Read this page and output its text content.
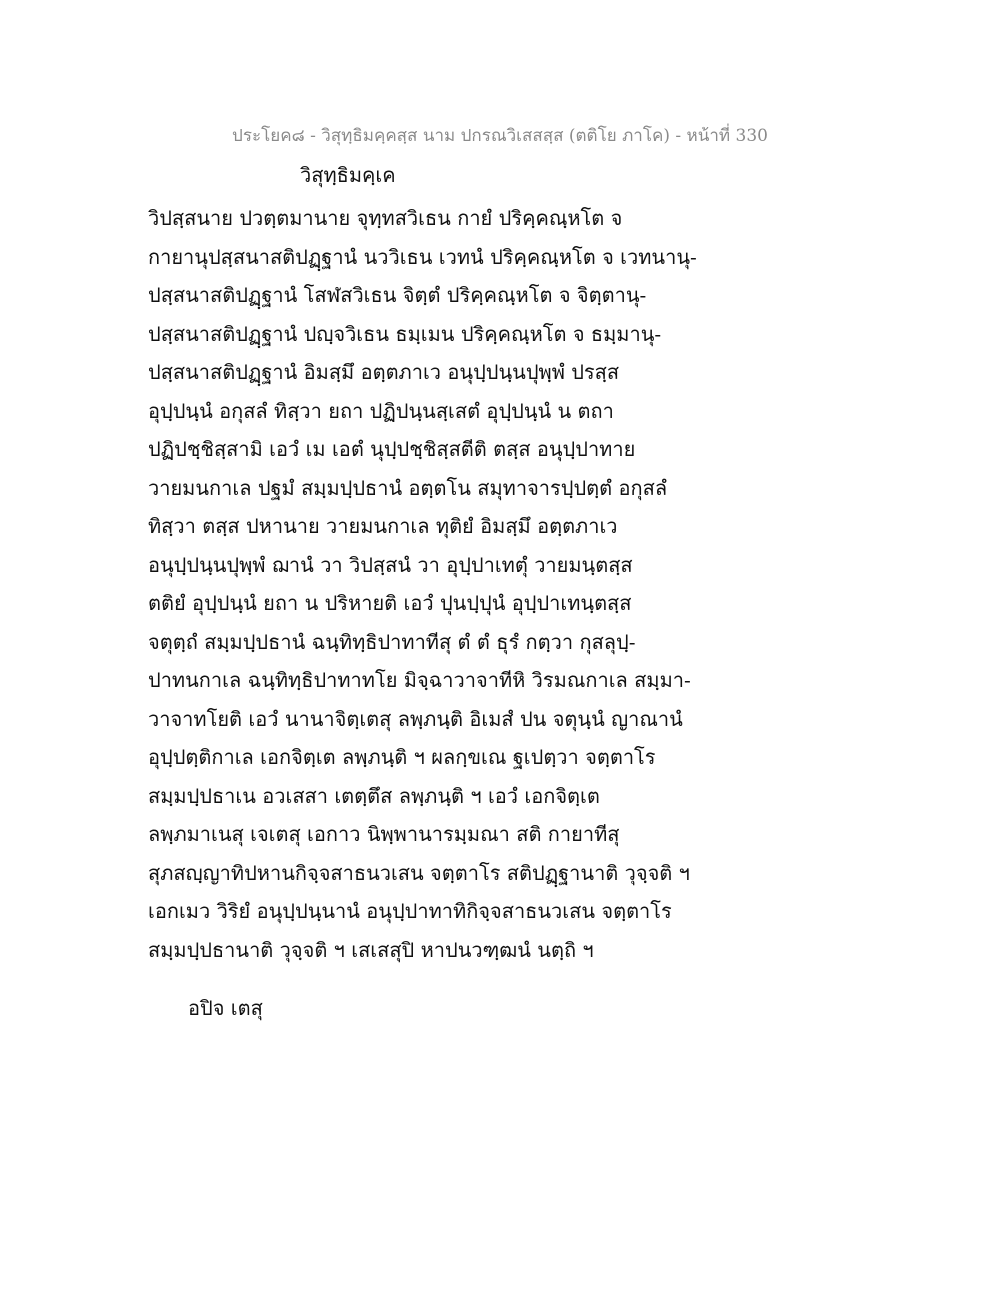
ประโยค๘ - วิสุทฺธิมคฺคสฺส นาม ปกรณวิเสสสฺส (ตติโย ภาโค) - หน้าที่ 330
วิสุทฺธิมคฺเค
วิปสฺสนาย ปวตฺตมานาย จุทฺทสวิเธน กายํ ปริคฺคณฺหโต จ
กายานุปสฺสนาสติปฏฺฐานํ นววิเธน เวทนํ ปริคฺคณฺหโต จ เวทนานุ-
ปสฺสนาสติปฏฺฐานํ โสฬสวิเธน จิตฺตํ ปริคฺคณฺหโต จ จิตฺตานุ-
ปสฺสนาสติปฏฺฐานํ ปญฺจวิเธน ธมฺเมน ปริคฺคณฺหโต จ ธมฺมานุ-
ปสฺสนาสติปฏฺฐานํ อิมสฺมึ อตฺตภาเว อนุปฺปนฺนปุพฺพํ ปรสฺส
อุปฺปนฺนํ อกุสลํ ทิสฺวา ยถา ปฏิปนฺนสฺเสตํ อุปฺปนฺนํ น ตถา
ปฏิปชฺชิสฺสามิ เอวํ เม เอตํ นุปฺปชฺชิสฺสตีติ ตสฺส อนุปฺปาทาย
วายมนกาเล ปฐมํ สมฺมปฺปธานํ อตฺตโน สมุทาจารปฺปตฺตํ อกุสลํ
ทิสฺวา ตสฺส ปหานาย วายมนกาเล ทุติยํ อิมสฺมึ อตฺตภาเว
อนุปฺปนฺนปุพฺพํ ฌานํ วา วิปสฺสนํ วา อุปฺปาเทตุํ วายมนฺตสฺส
ตติยํ อุปฺปนฺนํ ยถา น ปริหายติ เอวํ ปุนปฺปุนํ อุปฺปาเทนฺตสฺส
จตุตฺถํ สมฺมปฺปธานํ ฉนฺทิทฺธิปาทาทีสุ ตํ ตํ ธุรํ กตฺวา กุสลุปฺ-
ปาทนกาเล ฉนฺทิทฺธิปาทาทโย มิจฺฉาวาจาทีหิ วิรมณกาเล สมฺมา-
วาจาทโยติ เอวํ นานาจิตฺเตสุ ลพฺภนฺติ อิเมสํ ปน จตุนฺนํ ญาณานํ
อุปฺปตฺติกาเล เอกจิตฺเต ลพฺภนฺติ ฯ ผลกฺขเณ ฐเปตฺวา จตฺตาโร
สมฺมปฺปธาเน อวเสสา เตตฺตึส ลพฺภนฺติ ฯ เอวํ เอกจิตฺเต
ลพฺภมาเนสุ เจเตสุ เอกาว นิพฺพานารมฺมณา สติ กายาทีสุ
สุภสญฺญาทิปหานกิจฺจสาธนวเสน จตฺตาโร สติปฏฺฐานาติ วุจฺจติ ฯ
เอกเมว วิริยํ อนุปฺปนฺนานํ อนุปฺปาทาทิกิจฺจสาธนวเสน จตฺตาโร
สมฺมปฺปธานาติ วุจฺจติ ฯ เสเสสุปิ หาปนวฑฺฒนํ นตฺถิ ฯ
อปิจ เตสุ
